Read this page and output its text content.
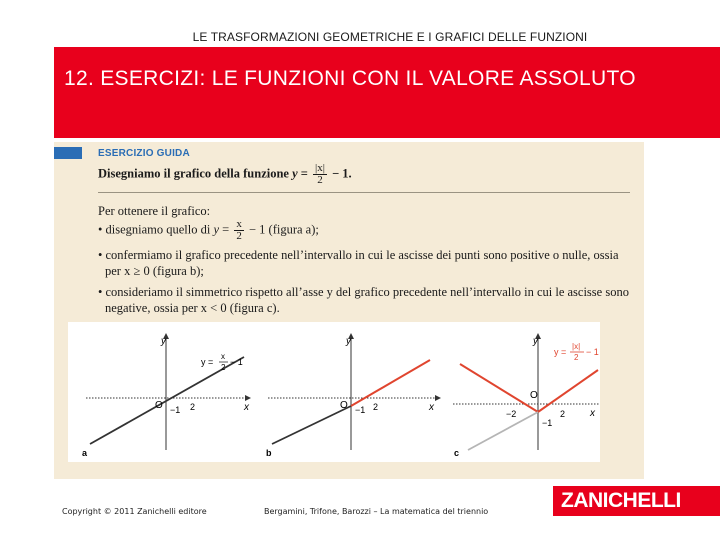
LE TRASFORMAZIONI GEOMETRICHE E I GRAFICI DELLE FUNZIONI
12. ESERCIZI: LE FUNZIONI CON IL VALORE ASSOLUTO
ESERCIZIO GUIDA
Disegniamo il grafico della funzione $y = \frac{|x|}{2} - 1$.
Per ottenere il grafico:
• disegniamo quello di $y = \frac{x}{2} - 1$ (figura a);
• confermiamo il grafico precedente nell’intervallo in cui le ascisse dei punti sono positive o nulle, ossia
per x ≥ 0 (figura b);
• consideriamo il simmetrico rispetto all’asse y del grafico precedente nell’intervallo in cui le ascisse sono
negative, ossia per x < 0 (figura c).
y
x
O	2
−1
y =
x
2
− 1
a
y
x
O	2
−1
b
y
x
O
2
−2
−1
y =
|x|
2
− 1
c
Copyright © 2011 Zanichelli editore	Bergamini, Trifone, Barozzi – La matematica del triennio	ZANICHELLI
